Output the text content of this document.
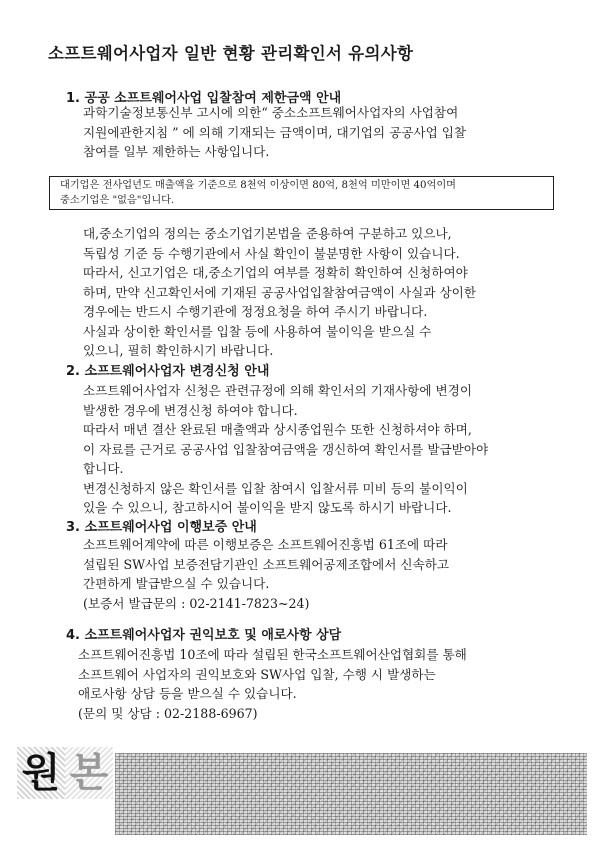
소프트웨어사업자 일반 현황 관리확인서 유의사항
1. 공공 소프트웨어사업 입찰참여 제한금액 안내
과학기술정보통신부 고시에 의한“ 중소소프트웨어사업자의 사업참여
지원에관한지침 ” 에 의해 기재되는 금액이며, 대기업의 공공사업 입찰
참여를 일부 제한하는 사항입니다.
대기업은 전사업년도 매출액을 기준으로 8천억 이상이면 80억, 8천억 미만이면 40억이며
중소기업은 "없음"입니다.
대,중소기업의 정의는 중소기업기본법을 준용하여 구분하고 있으나,
독립성 기준 등 수행기관에서 사실 확인이 불분명한 사항이 있습니다.
따라서, 신고기업은 대,중소기업의 여부를 정확히 확인하여 신청하여야
하며, 만약 신고확인서에 기재된 공공사업입찰참여금액이 사실과 상이한
경우에는 반드시 수행기관에 정정요청을 하여 주시기 바랍니다.
사실과 상이한 확인서를 입찰 등에 사용하여 불이익을 받으실 수
있으니, 필히 확인하시기 바랍니다.
2. 소프트웨어사업자 변경신청 안내
소프트웨어사업자 신청은 관련규정에 의해 확인서의 기재사항에 변경이
발생한 경우에 변경신청 하여야 합니다.
따라서 매년 결산 완료된 매출액과 상시종업원수 또한 신청하셔야 하며,
이 자료를 근거로 공공사업 입찰참여금액을 갱신하여 확인서를 발급받아야
합니다.
변경신청하지 않은 확인서를 입찰 참여시 입찰서류 미비 등의 불이익이
있을 수 있으니, 참고하시어 불이익을 받지 않도록 하시기 바랍니다.
3. 소프트웨어사업 이행보증 안내
소프트웨어계약에 따른 이행보증은 소프트웨어진흥법 61조에 따라
설립된 SW사업 보증전담기관인 소프트웨어공제조합에서 신속하고
간편하게 발급받으실 수 있습니다.
(보증서 발급문의 : 02-2141-7823~24)
4. 소프트웨어사업자 권익보호 및 애로사항 상담
소프트웨어진흥법 10조에 따라 설립된 한국소프트웨어산업협회를 통해
소프트웨어 사업자의 권익보호와 SW사업 입찰, 수행 시 발생하는
애로사항 상담 등을 받으실 수 있습니다.
(문의 및 상담 : 02-2188-6967)
원 본
